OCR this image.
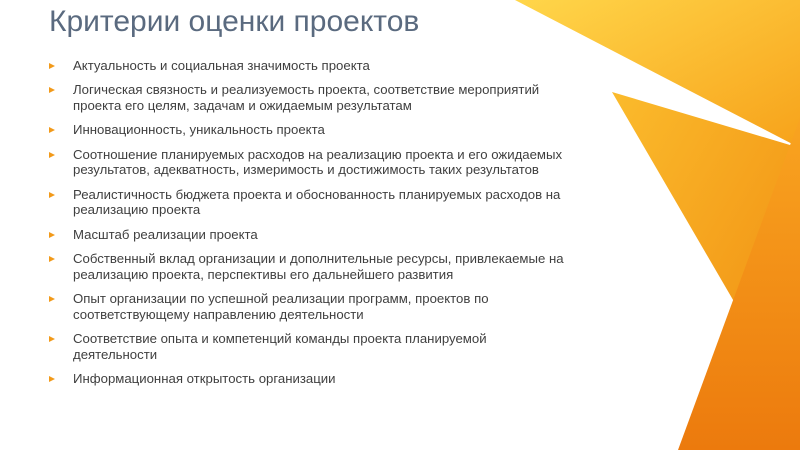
Критерии оценки проектов
Актуальность и социальная значимость проекта
Логическая связность и реализуемость проекта, соответствие мероприятий проекта его целям, задачам и ожидаемым результатам
Инновационность, уникальность проекта
Соотношение планируемых расходов на реализацию проекта и его ожидаемых результатов, адекватность, измеримость и достижимость таких результатов
Реалистичность бюджета проекта и обоснованность планируемых расходов на реализацию проекта
Масштаб реализации проекта
Собственный вклад организации и дополнительные ресурсы, привлекаемые на реализацию проекта, перспективы его дальнейшего развития
Опыт организации по успешной реализации программ, проектов по соответствующему направлению деятельности
Соответствие опыта и компетенций команды проекта планируемой деятельности
Информационная открытость организации
